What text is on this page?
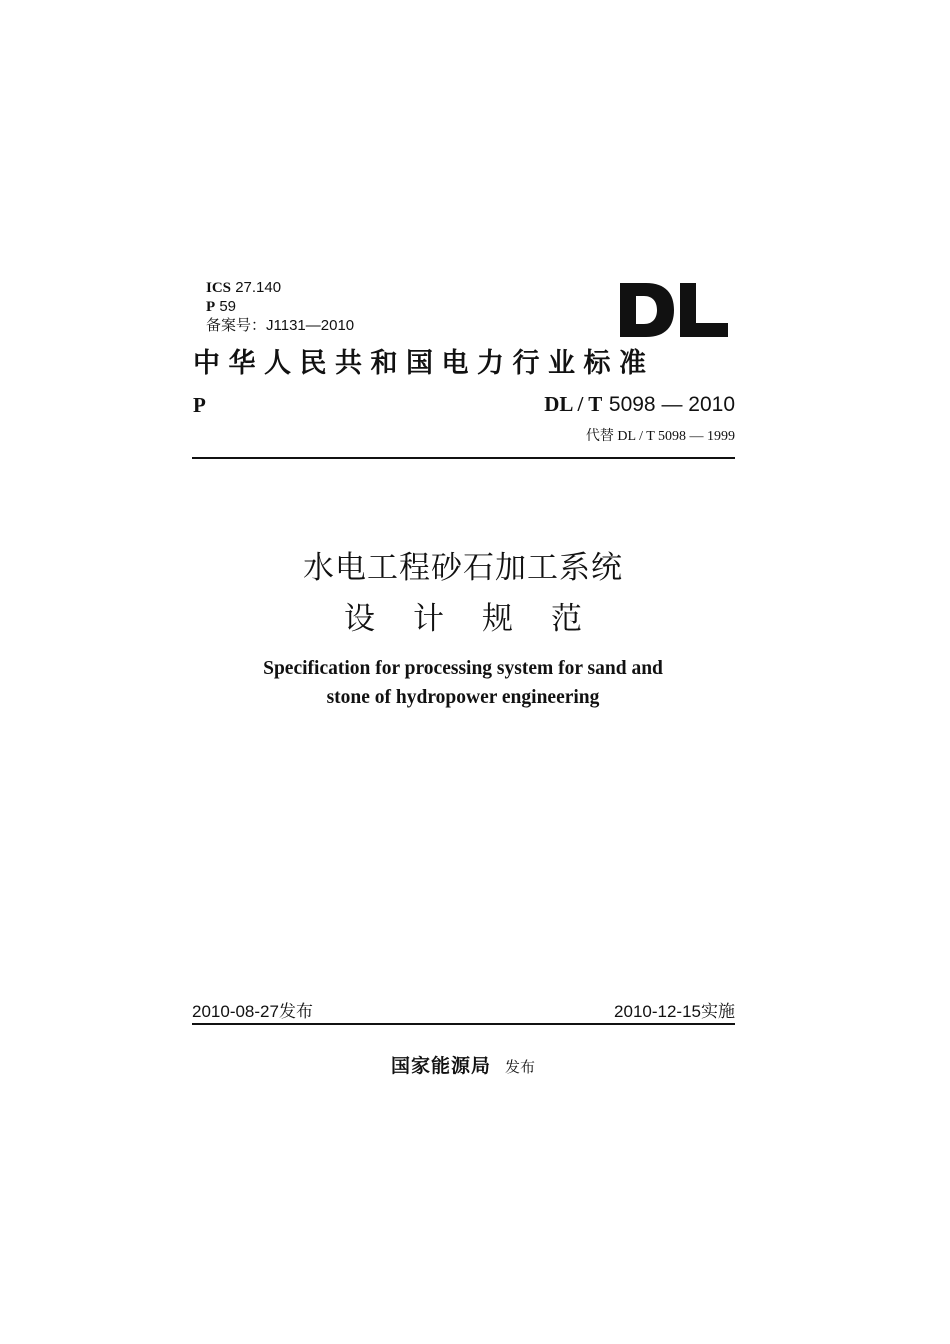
ICS 27.140
P 59
备案号：J1131—2010
DL
中华人民共和国电力行业标准
P	DL / T 5098 — 2010
代替 DL / T 5098 — 1999
水电工程砂石加工系统
设计规范
Specification for processing system for sand and
stone of hydropower engineering
2010-08-27发布	2010-12-15实施
国家能源局 发布
